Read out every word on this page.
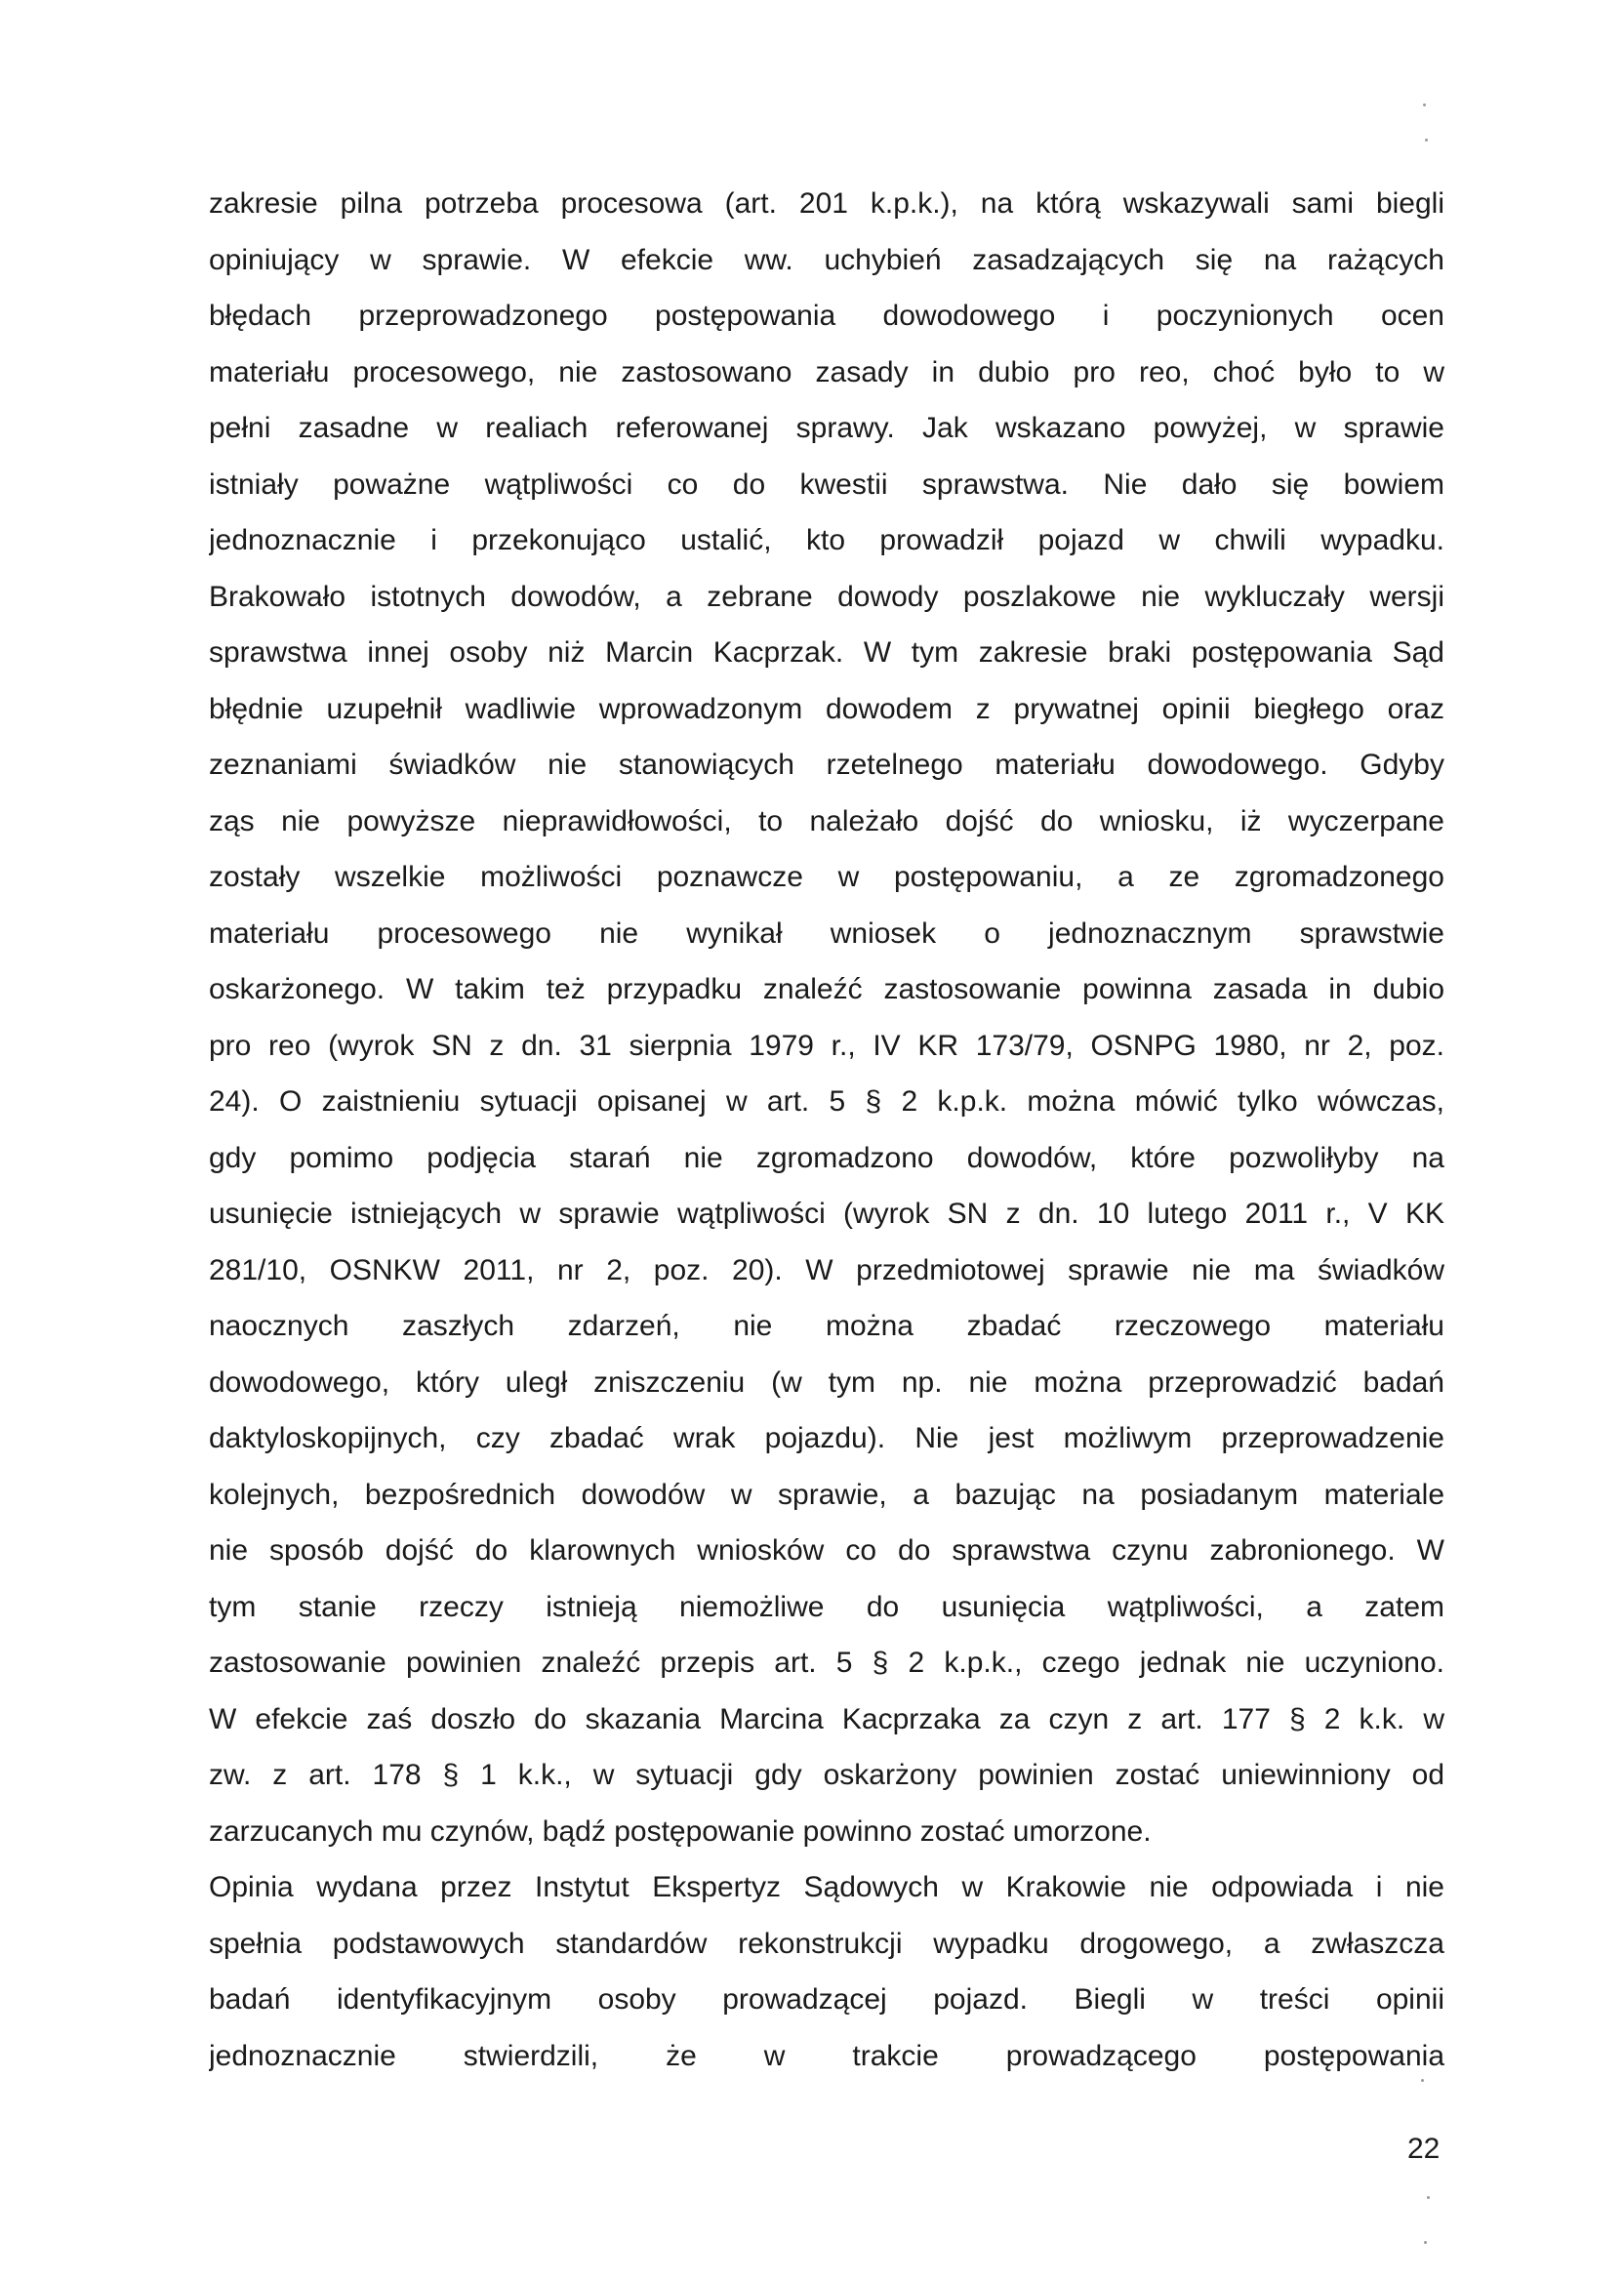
zakresie pilna potrzeba procesowa (art. 201 k.p.k.), na którą wskazywali sami biegli
opiniujący w sprawie. W efekcie ww. uchybień zasadzających się na rażących
błędach przeprowadzonego postępowania dowodowego i poczynionych ocen
materiału procesowego, nie zastosowano zasady in dubio pro reo, choć było to w
pełni zasadne w realiach referowanej sprawy. Jak wskazano powyżej, w sprawie
istniały poważne wątpliwości co do kwestii sprawstwa. Nie dało się bowiem
jednoznacznie i przekonująco ustalić, kto prowadził pojazd w chwili wypadku.
Brakowało istotnych dowodów, a zebrane dowody poszlakowe nie wykluczały wersji
sprawstwa innej osoby niż Marcin Kacprzak. W tym zakresie braki postępowania Sąd
błędnie uzupełnił wadliwie wprowadzonym dowodem z prywatnej opinii biegłego oraz
zeznaniami świadków nie stanowiących rzetelnego materiału dowodowego. Gdyby
ząs nie powyższe nieprawidłowości, to należało dojść do wniosku, iż wyczerpane
zostały wszelkie możliwości poznawcze w postępowaniu, a ze zgromadzonego
materiału procesowego nie wynikał wniosek o jednoznacznym sprawstwie
oskarżonego. W takim też przypadku znaleźć zastosowanie powinna zasada in dubio
pro reo (wyrok SN z dn. 31 sierpnia 1979 r., IV KR 173/79, OSNPG 1980, nr 2, poz.
24). O zaistnieniu sytuacji opisanej w art. 5 § 2 k.p.k. można mówić tylko wówczas,
gdy pomimo podjęcia starań nie zgromadzono dowodów, które pozwoliłyby na
usunięcie istniejących w sprawie wątpliwości (wyrok SN z dn. 10 lutego 2011 r., V KK
281/10, OSNKW 2011, nr 2, poz. 20). W przedmiotowej sprawie nie ma świadków
naocznych zaszłych zdarzeń, nie można zbadać rzeczowego materiału
dowodowego, który uległ zniszczeniu (w tym np. nie można przeprowadzić badań
daktyloskopijnych, czy zbadać wrak pojazdu). Nie jest możliwym przeprowadzenie
kolejnych, bezpośrednich dowodów w sprawie, a bazując na posiadanym materiale
nie sposób dojść do klarownych wniosków co do sprawstwa czynu zabronionego. W
tym stanie rzeczy istnieją niemożliwe do usunięcia wątpliwości, a zatem
zastosowanie powinien znaleźć przepis art. 5 § 2 k.p.k., czego jednak nie uczyniono.
W efekcie zaś doszło do skazania Marcina Kacprzaka za czyn z art. 177 § 2 k.k. w
zw. z art. 178 § 1 k.k., w sytuacji gdy oskarżony powinien zostać uniewinniony od
zarzucanych mu czynów, bądź postępowanie powinno zostać umorzone.
Opinia wydana przez Instytut Ekspertyz Sądowych w Krakowie nie odpowiada i nie
spełnia podstawowych standardów rekonstrukcji wypadku drogowego, a zwłaszcza
badań identyfikacyjnym osoby prowadzącej pojazd. Biegli w treści opinii
jednoznacznie stwierdzili, że w trakcie prowadzącego postępowania
22
